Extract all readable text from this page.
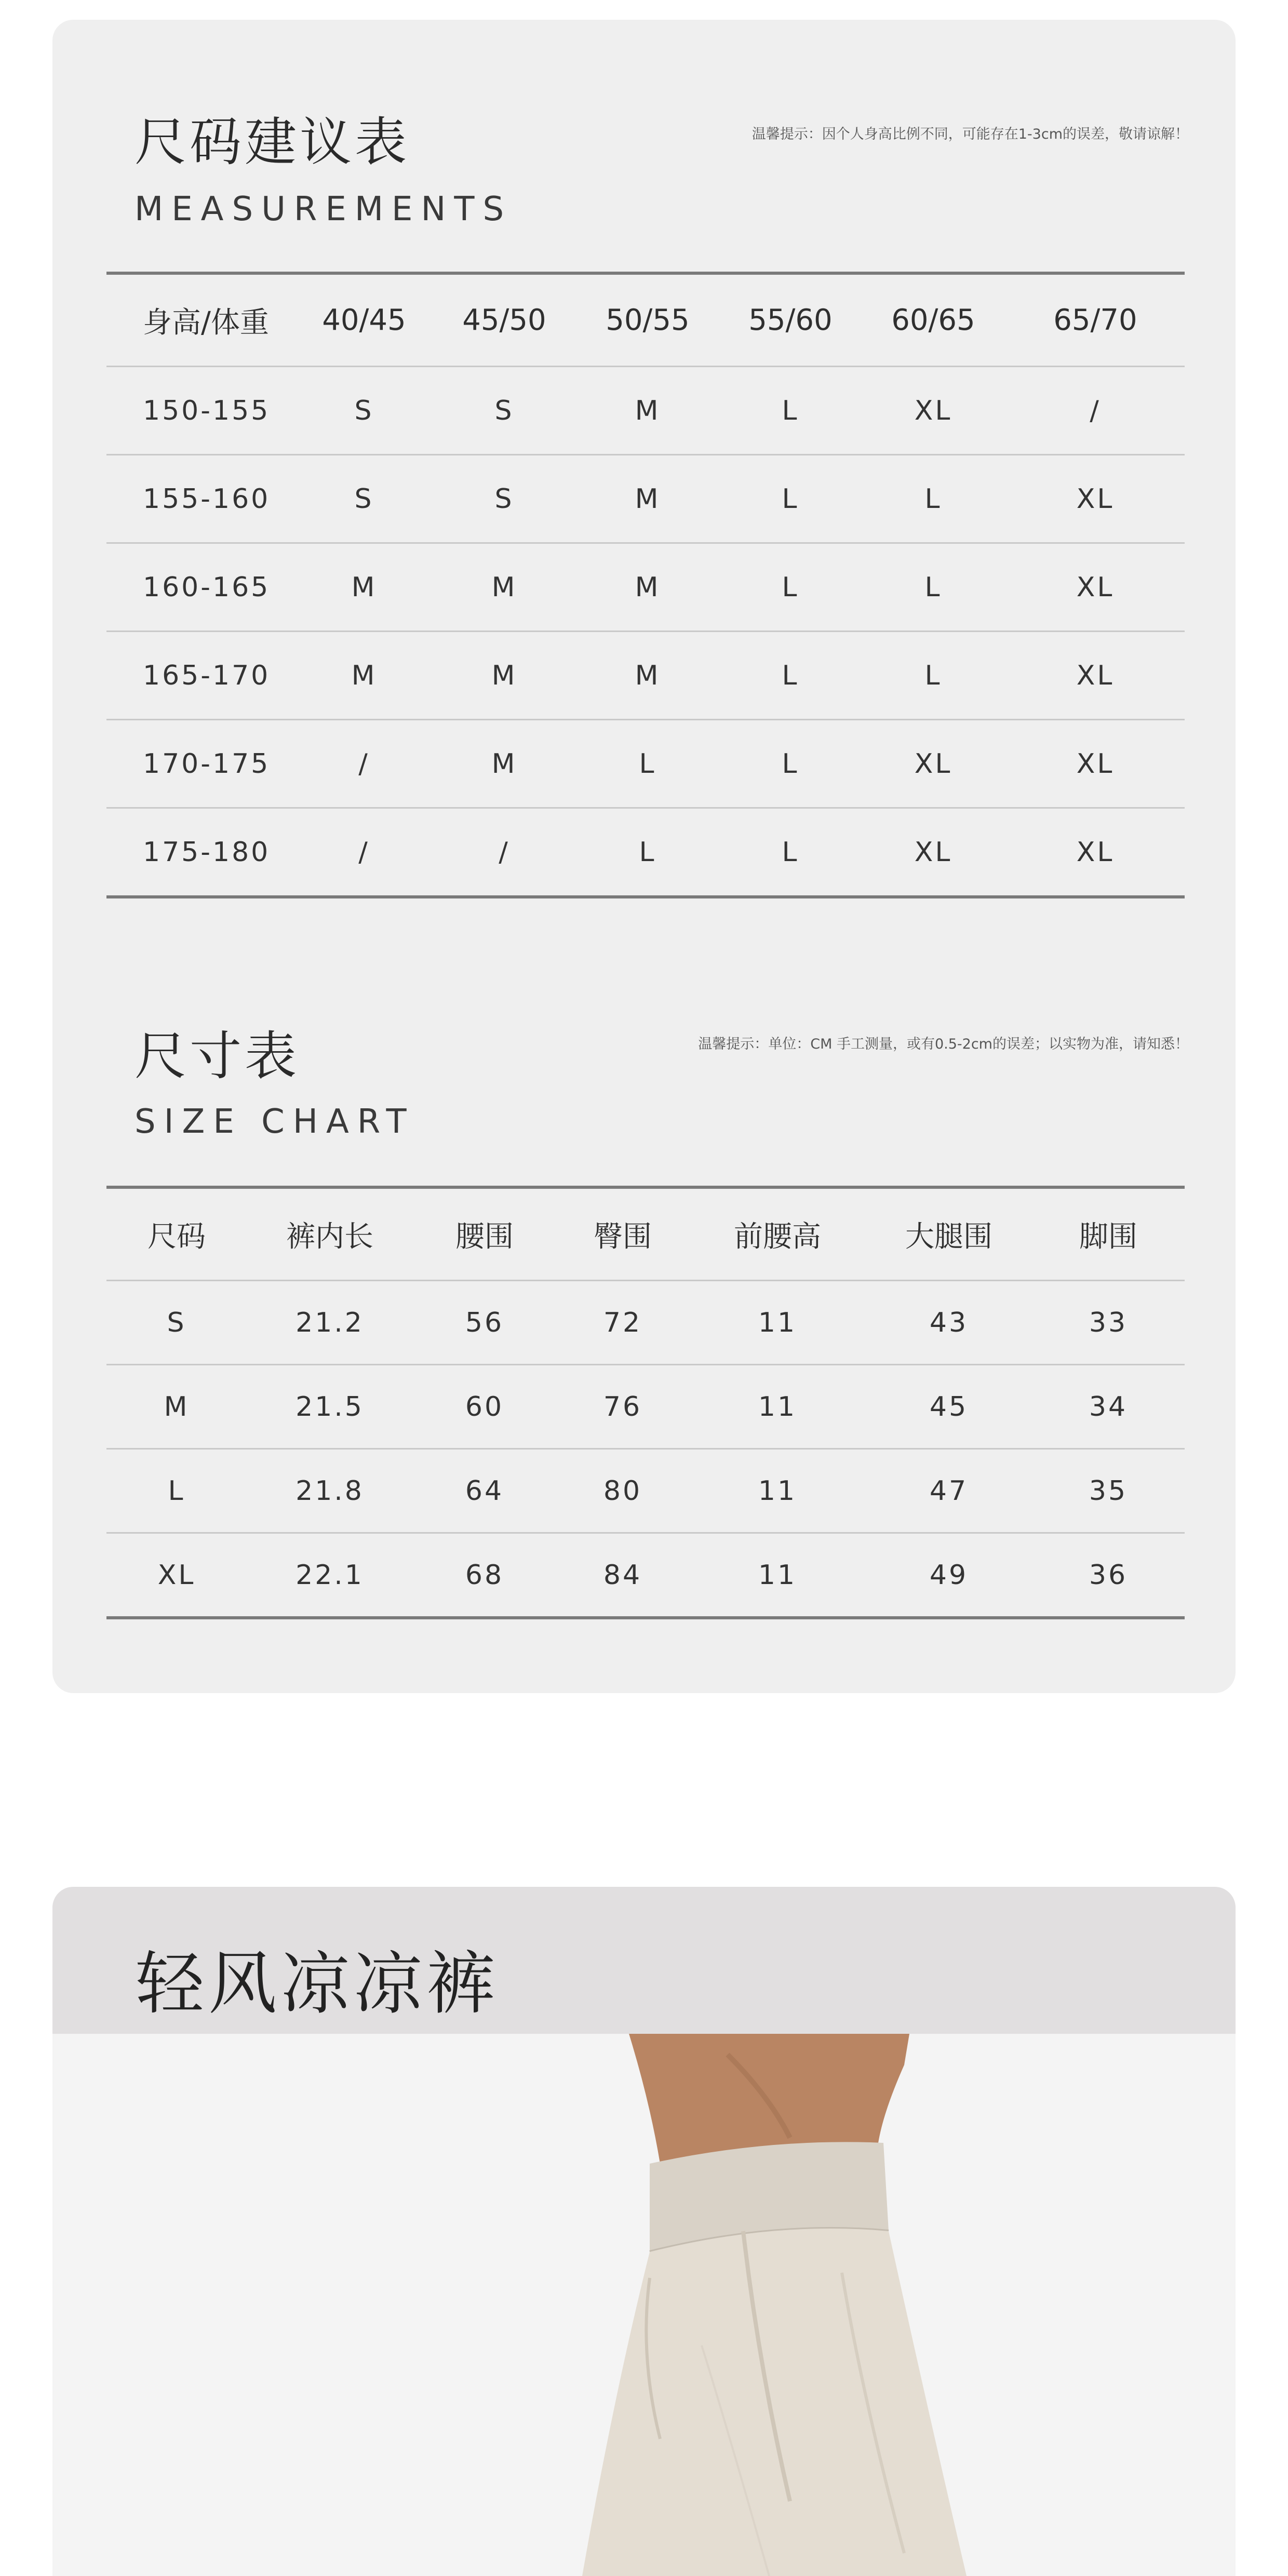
尺码建议表
MEASUREMENTS
温馨提示：因个人身高比例不同，可能存在1-3cm的误差，敬请谅解！
身高/体重	40/45	45/50	50/55	55/60	60/65	65/70
150-155	S	S	M	L	XL	/
155-160	S	S	M	L	L	XL
160-165	M	M	M	L	L	XL
165-170	M	M	M	L	L	XL
170-175	/	M	L	L	XL	XL
175-180	/	/	L	L	XL	XL
尺寸表
SIZE CHART
温馨提示：单位：CM 手工测量，或有0.5-2cm的误差；以实物为准，请知悉！
尺码	裤内长	腰围	臀围	前腰高	大腿围	脚围
S	21.2	56	72	11	43	33
M	21.5	60	76	11	45	34
L	21.8	64	80	11	47	35
XL	22.1	68	84	11	49	36
轻风凉凉裤
